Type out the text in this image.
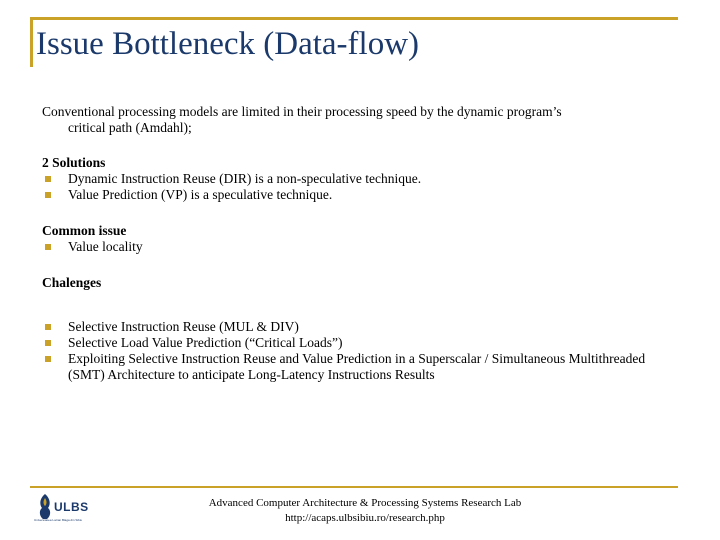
Issue Bottleneck (Data-flow)

Conventional processing models are limited in their processing speed by the dynamic program’s
critical path (Amdahl);

2 Solutions

Dynamic Instruction Reuse (DIR) is a non-speculative technique.
Value Prediction (VP) is a speculative technique.

Common issue

Value locality

Chalenges

Selective Instruction Reuse (MUL & DIV)
Selective Load Value Prediction (“Critical Loads”)
Exploiting Selective Instruction Reuse and Value Prediction in a Superscalar / Simultaneous Multithreaded (SMT) Architecture to anticipate Long-Latency Instructions Results
ULBS
Universitatea Lucian Blaga din Sibiu
Advanced Computer Architecture & Processing Systems Research Lab
http://acaps.ulbsibiu.ro/research.php
